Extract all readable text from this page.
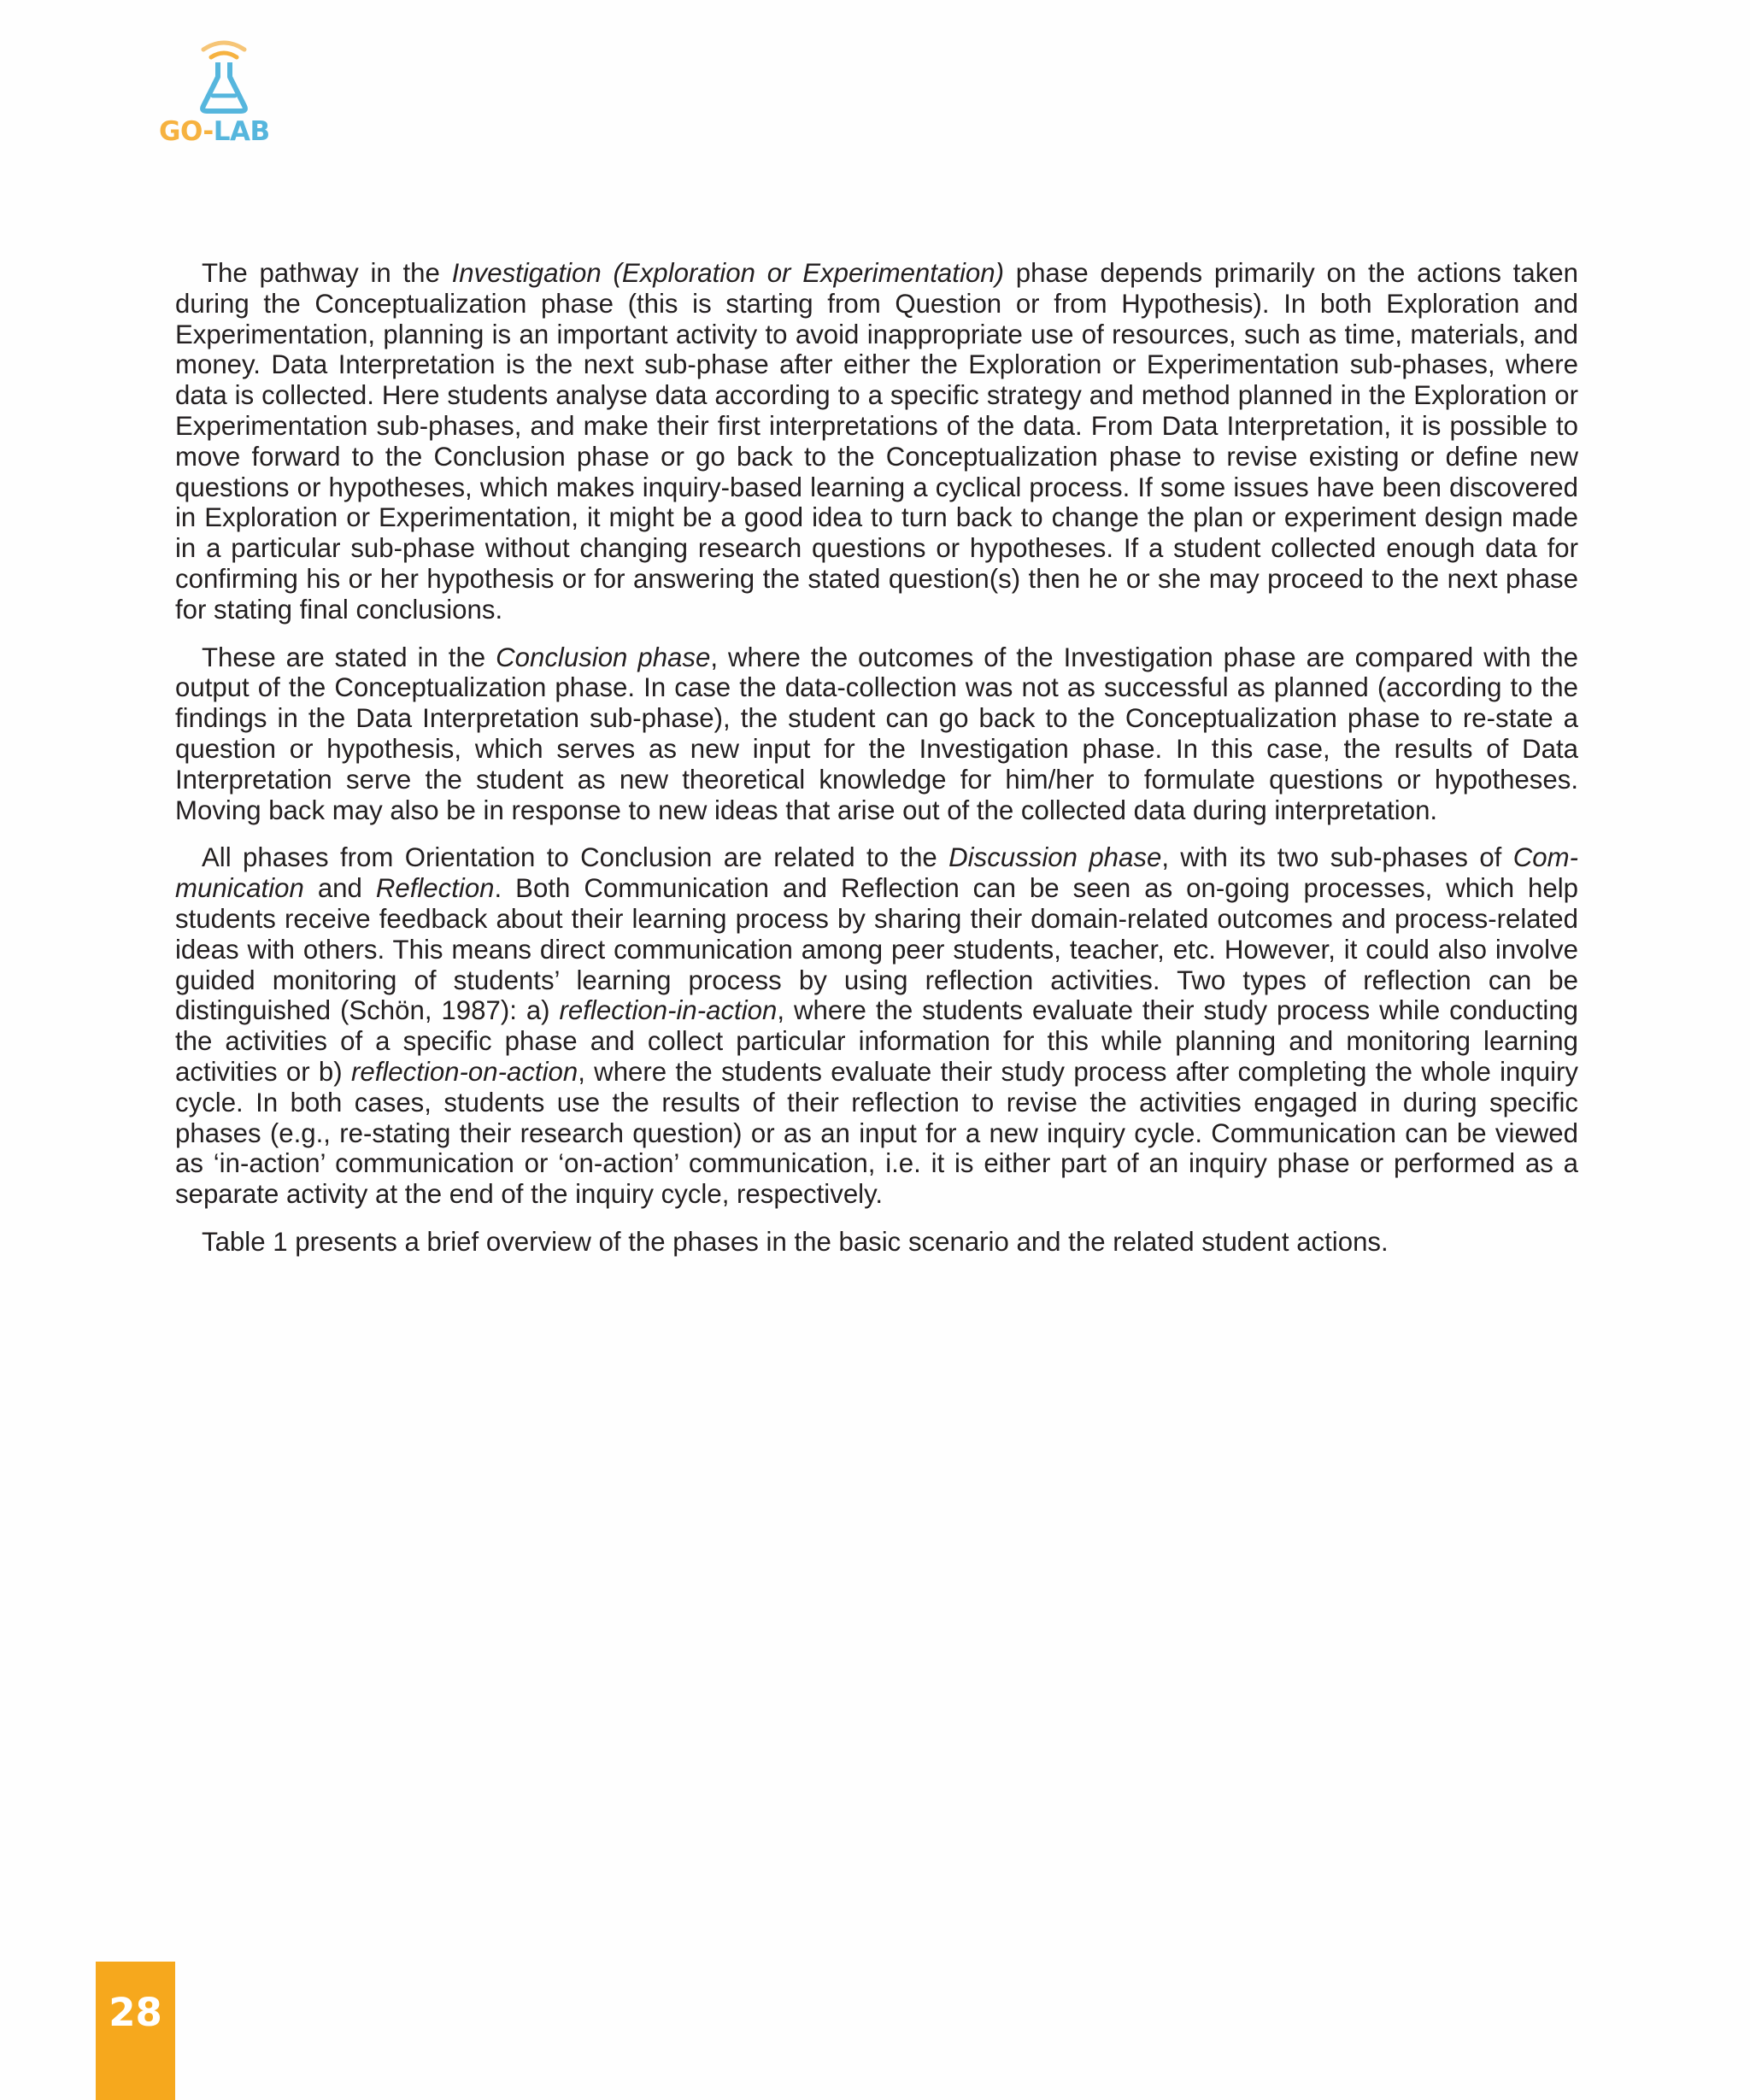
GO-LAB

The pathway in the Investigation (Exploration or Experimentation) phase depends primarily on the actions taken during the Conceptualization phase (this is starting from Question or from Hypothesis). In both Exploration and Experimentation, planning is an important activity to avoid inappropriate use of resources, such as time, materials, and money. Data Interpretation is the next sub-phase after either the Exploration or Experimentation sub-phases, where data is collected. Here students analyse data according to a specific strategy and method planned in the Exploration or Experimentation sub-phases, and make their first interpretations of the data. From Data Interpretation, it is possible to move forward to the Conclusion phase or go back to the Conceptualization phase to revise existing or define new questions or hypotheses, which makes inquiry-based learning a cyclical process. If some issues have been discovered in Exploration or Experimentation, it might be a good idea to turn back to change the plan or experiment design made in a particular sub-phase without changing research questions or hypotheses. If a student collected enough data for confirming his or her hypothesis or for answering the stated question(s) then he or she may proceed to the next phase for stating final conclusions.

These are stated in the Conclusion phase, where the outcomes of the Investigation phase are compared with the output of the Conceptualization phase. In case the data-collection was not as successful as planned (according to the findings in the Data Interpretation sub-phase), the student can go back to the Conceptualization phase to re-state a question or hypothesis, which serves as new input for the Investigation phase. In this case, the results of Data Interpretation serve the student as new theoretical knowledge for him/her to formulate questions or hypotheses. Moving back may also be in response to new ideas that arise out of the collected data during interpretation.

All phases from Orientation to Conclusion are related to the Discussion phase, with its two sub-phases of Communication and Reflection. Both Communication and Reflection can be seen as on-going processes, which help students receive feedback about their learning process by sharing their domain-related outcomes and process-related ideas with others. This means direct communication among peer students, teacher, etc. However, it could also involve guided monitoring of students’ learning process by using reflection activities. Two types of reflection can be distinguished (Schön, 1987): a) reflection-in-action, where the students evaluate their study process while conducting the activities of a specific phase and collect particular information for this while planning and monitoring learning activities or b) reflection-on-action, where the students evaluate their study process after completing the whole inquiry cycle. In both cases, students use the results of their reflection to revise the activities engaged in during specific phases (e.g., re-stating their research question) or as an input for a new inquiry cycle. Communication can be viewed as ‘in-action’ communication or ‘on-action’ communication, i.e. it is either part of an inquiry phase or performed as a separate activity at the end of the inquiry cycle, respectively.

Table 1 presents a brief overview of the phases in the basic scenario and the related student actions.

28
